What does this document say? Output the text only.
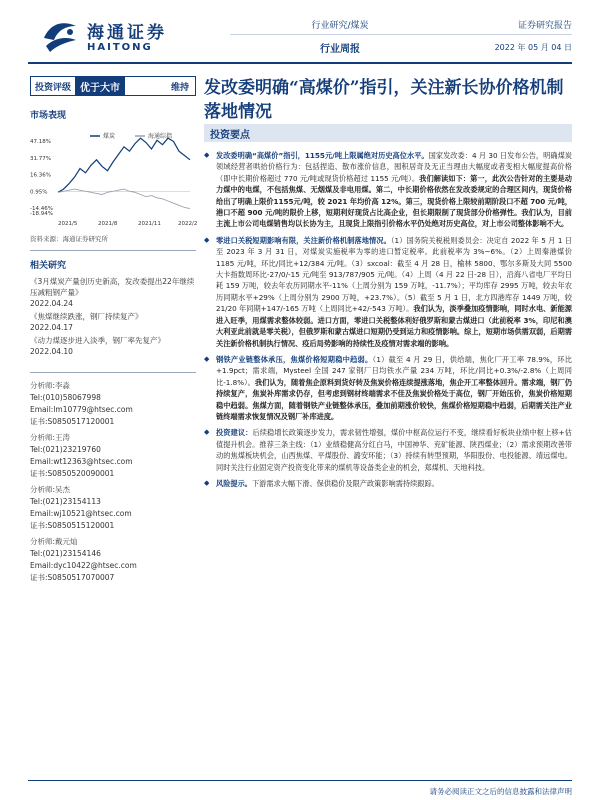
海通证券
HAITONG
行业研究/煤炭
行业周报
证券研究报告
2022 年 05 月 04 日
投资评级 优于大市	维持
市场表现
47.18%
31.77%
16.36%
0.95%
-14.46%
-18.94%
2021/5	2021/8	2021/11	2022/2
煤炭	海通综指
资料来源：海通证券研究所
相关研究
《3月煤炭产量创历史新高，发改委提出22年继续压减粗钢产量》
2022.04.24
《焦煤继续跌涨，钢厂持续复产》
2022.04.17
《动力煤逐步进入淡季，钢厂率先复产》
2022.04.10
分析师:李淼
Tel:(010)58067998
Email:lm10779@htsec.com
证书:S0850517120001
分析师:王涛
Tel:(021)23219760
Email:wt12363@htsec.com
证书:S0850520090001
分析师:吴杰
Tel:(021)23154113
Email:wj10521@htsec.com
证书:S0850515120001
分析师:戴元灿
Tel:(021)23154146
Email:dyc10422@htsec.com
证书:S0850517070007
发改委明确“高煤价”指引，关注新长协价格机制落地情况
投资要点
◆ 发改委明确“高煤价”指引，1155元/吨上限属绝对历史高位水平。国家发改委：4 月 30 日发布公告，明确煤炭领域经营者哄抬价格行为：包括捏造、散布涨价信息，囤积居奇及无正当理由大幅度或者变相大幅度提高价格（即中长期价格超过 770 元/吨或现货价格超过 1155 元/吨）。我们解读如下：第一，此次公告针对的主要是动力煤中的电煤，不包括焦煤、无烟煤及非电用煤。第二，中长期价格依然在发改委规定的合理区间内，现货价格给出了明确上限价1155元/吨，较 2021 年均价高 12%。第三，现货价格上限较前期阶段口不超 700 元/吨，港口不超 900 元/吨的限价上移，短期利好现货占比高企业，但长期限制了现货部分价格弹性。我们认为，目前主流上市公司电煤销售均以长协为主，且现货上限指引价格水平仍处绝对历史高位，对上市公司整体影响不大。
◆ 零进口关税短期影响有限，关注新价格机制落地情况。（1）国务院关税税则委员会：决定自 2022 年 5 月 1 日至 2023 年 3 月 31 日，对煤炭实施税率为零的进口暂定税率。此前税率为 3%~6%。（2）上周秦港煤价 1185 元/吨，环比/同比+12/384 元/吨。（3）sxcoal：截至 4 月 28 日，榆林 5800、鄂尔多斯及大同 5500 大卡指数周环比-27/0/-15 元/吨至 913/787/905 元/吨。（4）上周（4 月 22 日-28 日），沿海八省电厂平均日耗 159 万吨，较去年农历同期水平-11%（上周分别为 159 万吨，-11.7%）；平均库存 2995 万吨，较去年农历同期水平+29%（上周分别为 2900 万吨，+23.7%）。（5）截至 5 月 1 日，北方四港库存 1449 万吨，较 21/20 年同期+147/-165 万吨（上周同比+42/-543 万吨）。我们认为，淡季叠加疫情影响，同时水电、新能源进入旺季，用煤需求整体较弱。进口方面，零进口关税整体利好俄罗斯和蒙古煤进口（此前税率 3%，印尼和澳大利亚此前就是零关税），但俄罗斯和蒙古煤进口短期仍受到运力和疫情影响。综上，短期市场供需双弱，后期需关注新价格机制执行情况、疫后局势影响的持续性及疫情对需求端的影响。
◆ 钢铁产业链整体承压，焦煤价格短期稳中趋弱。（1）截至 4 月 29 日，供给端，焦化厂开工率 78.9%，环比+1.9pct；需求端，Mysteel 全国 247 家钢厂日均铁水产量 234 万吨，环比/同比+0.3%/-2.8%（上周同比-1.8%）。我们认为，随着焦企原料到货好转及焦炭价格连续提涨落地，焦企开工率整体回升。需求端，钢厂仍持续复产，焦炭补库需求仍存，但考虑到钢材终端需求不佳及焦炭价格处于高位，钢厂开始压价，焦炭价格短期稳中趋弱。焦煤方面，随着钢铁产业链整体承压，叠加前期涨价较快，焦煤价格短期稳中趋弱，后期需关注产业链终端需求恢复情况及钢厂补库进度。
◆ 投资建议：后续稳增长政策逐步发力，需求韧性增强，煤价中枢高位运行不变，继续看好板块业绩中枢上移+估值提升机会。推荐三条主线：（1）业绩稳健高分红白马，中国神华、兖矿能源、陕西煤业；（2）需求预期改善带动的焦煤板块机会，山西焦煤、平煤股份、潞安环能；（3）持续有转型预期，华阳股份、电投能源、靖远煤电。同时关注行业固定资产投资变化带来的煤机等设备类企业的机会，郑煤机、天地科技。
◆ 风险提示。下游需求大幅下滑、保供稳价及限产政策影响需持续跟踪。
请务必阅读正文之后的信息披露和法律声明
